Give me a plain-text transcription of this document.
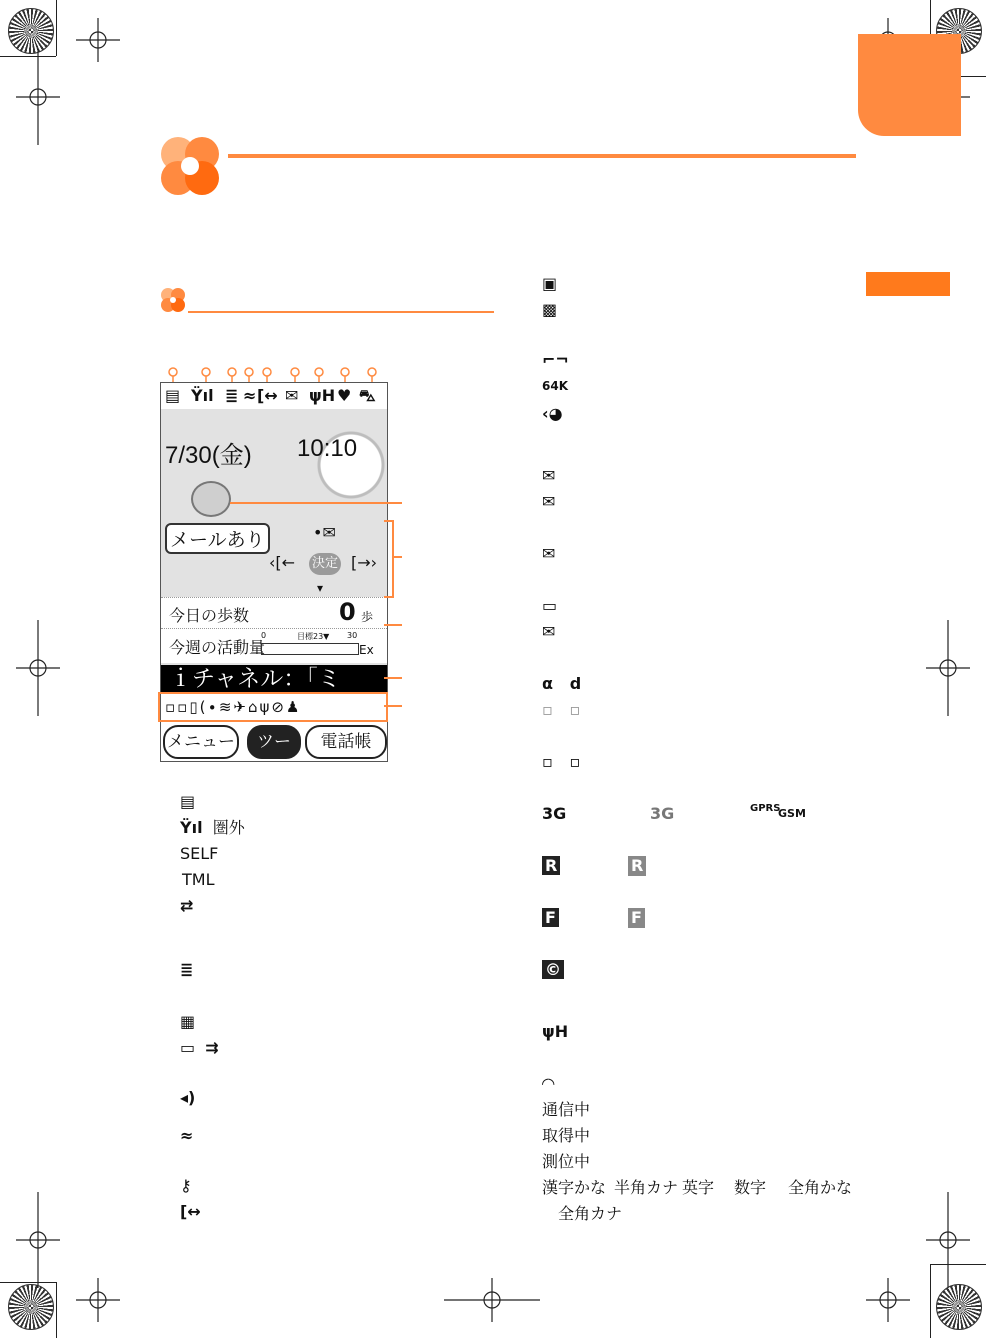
▤ Ÿıl ≣ ≈ [↔ ✉ ψH ♥ ⛍
7/30(金) 10:10
メールあり	•✉
‹[← 決定 [→›
▾
今日の歩数	0 歩
今週の活動量
0	目標23▼ 30
Ex
ｉチャネル：「ミ
▫▫▯(∙≋✈⌂ψ⊘♟
メニュー	ツール
電話帳
▤
Ÿıl 圏外
SELF
TML
⇄
≣
▦
▭ ⇉
◂)
≈
⚷
[↔
▣
▩
⌐¬
64K
‹◕
✉
✉
✉
▭
✉
α   d
▫   ▫
▫   ▫
3G	3G	GPRS
GSM
R	R
F	F
©
ψH
◜◝
通信中
取得中
測位中
漢字かな 半角カナ 英字 数字 全角かな
全角カナ
